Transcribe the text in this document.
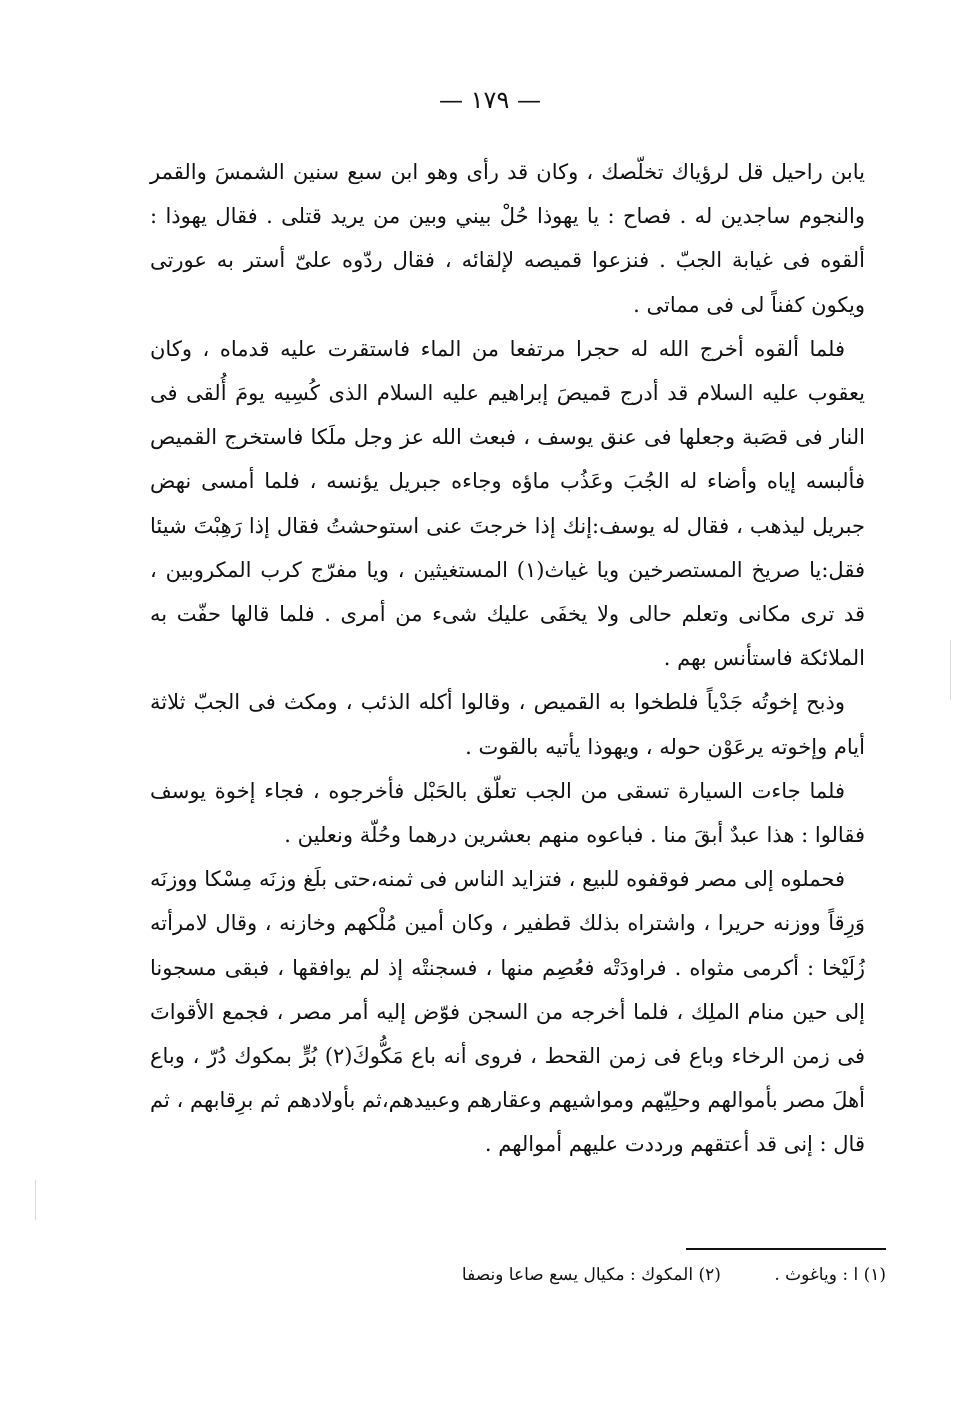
— ١٧٩ —

يابن راحيل قل لرؤياك تخلّصك ، وكان قد رأى وهو ابن سبع سنين الشمسَ والقمر والنجوم ساجدين له . فصاح : يا يهوذا حُلْ بيني وبين من يريد قتلى . فقال يهوذا : ألقوه فى غيابة الجبّ . فنزعوا قميصه لإلقائه ، فقال ردّوه علىّ أستر به عورتى ويكون كفناً لى فى مماتى .

فلما ألقوه أخرج الله له حجرا مرتفعا من الماء فاستقرت عليه قدماه ، وكان يعقوب عليه السلام قد أدرج قميصَ إبراهيم عليه السلام الذى كُسِيه يومَ أُلقى فى النار فى قصَبة وجعلها فى عنق يوسف ، فبعث الله عز وجل ملَكا فاستخرج القميص فألبسه إياه وأضاء له الجُبَ وعَذُب ماؤه وجاءه جبريل يؤنسه ، فلما أمسى نهض جبريل ليذهب ، فقال له يوسف:إنك إذا خرجتَ عنى استوحشتُ فقال إذا رَهِبْتَ شيئا فقل:يا صريخ المستصرخين ويا غياث(١) المستغيثين ، ويا مفرّج كرب المكروبين ، قد ترى مكانى وتعلم حالى ولا يخفَى عليك شىء من أمرى . فلما قالها حفّت به الملائكة فاستأنس بهم .

وذبح إخوتُه جَدْياً فلطخوا به القميص ، وقالوا أكله الذئب ، ومكث فى الجبّ ثلاثة أيام وإخوته يرعَوْن حوله ، ويهوذا يأتيه بالقوت .

فلما جاءت السيارة تسقى من الجب تعلّق بالحَبْل فأخرجوه ، فجاء إخوة يوسف فقالوا : هذا عبدٌ أبقَ منا . فباعوه منهم بعشرين درهما وحُلّة ونعلين .

فحملوه إلى مصر فوقفوه للبيع ، فتزايد الناس فى ثمنه،حتى بلَغ وزنَه مِسْكا ووزنَه وَرِقاً ووزنه حريرا ، واشتراه بذلك قطفير ، وكان أمين مُلْكهم وخازنه ، وقال لامرأته زُلَيْخا : أكرمى مثواه . فراودَتْه فعُصِم منها ، فسجنتْه إذ لم يوافقها ، فبقى مسجونا إلى حين منام الملِك ، فلما أخرجه من السجن فوّض إليه أمر مصر ، فجمع الأقواتَ فى زمن الرخاء وباع فى زمن القحط ، فروى أنه باع مَكُّوكَ(٢) بُرٍّ بمكوك دُرّ ، وباع أهلَ مصر بأموالهم وحلِيّهم ومواشيهم وعقارهم وعبيدهم،ثم بأولادهم ثم برِقابهم ، ثم قال : إنى قد أعتقهم ورددت عليهم أموالهم .

(١) ا : وياغوث . (٢) المكوك : مكيال يسع صاعا ونصفا
